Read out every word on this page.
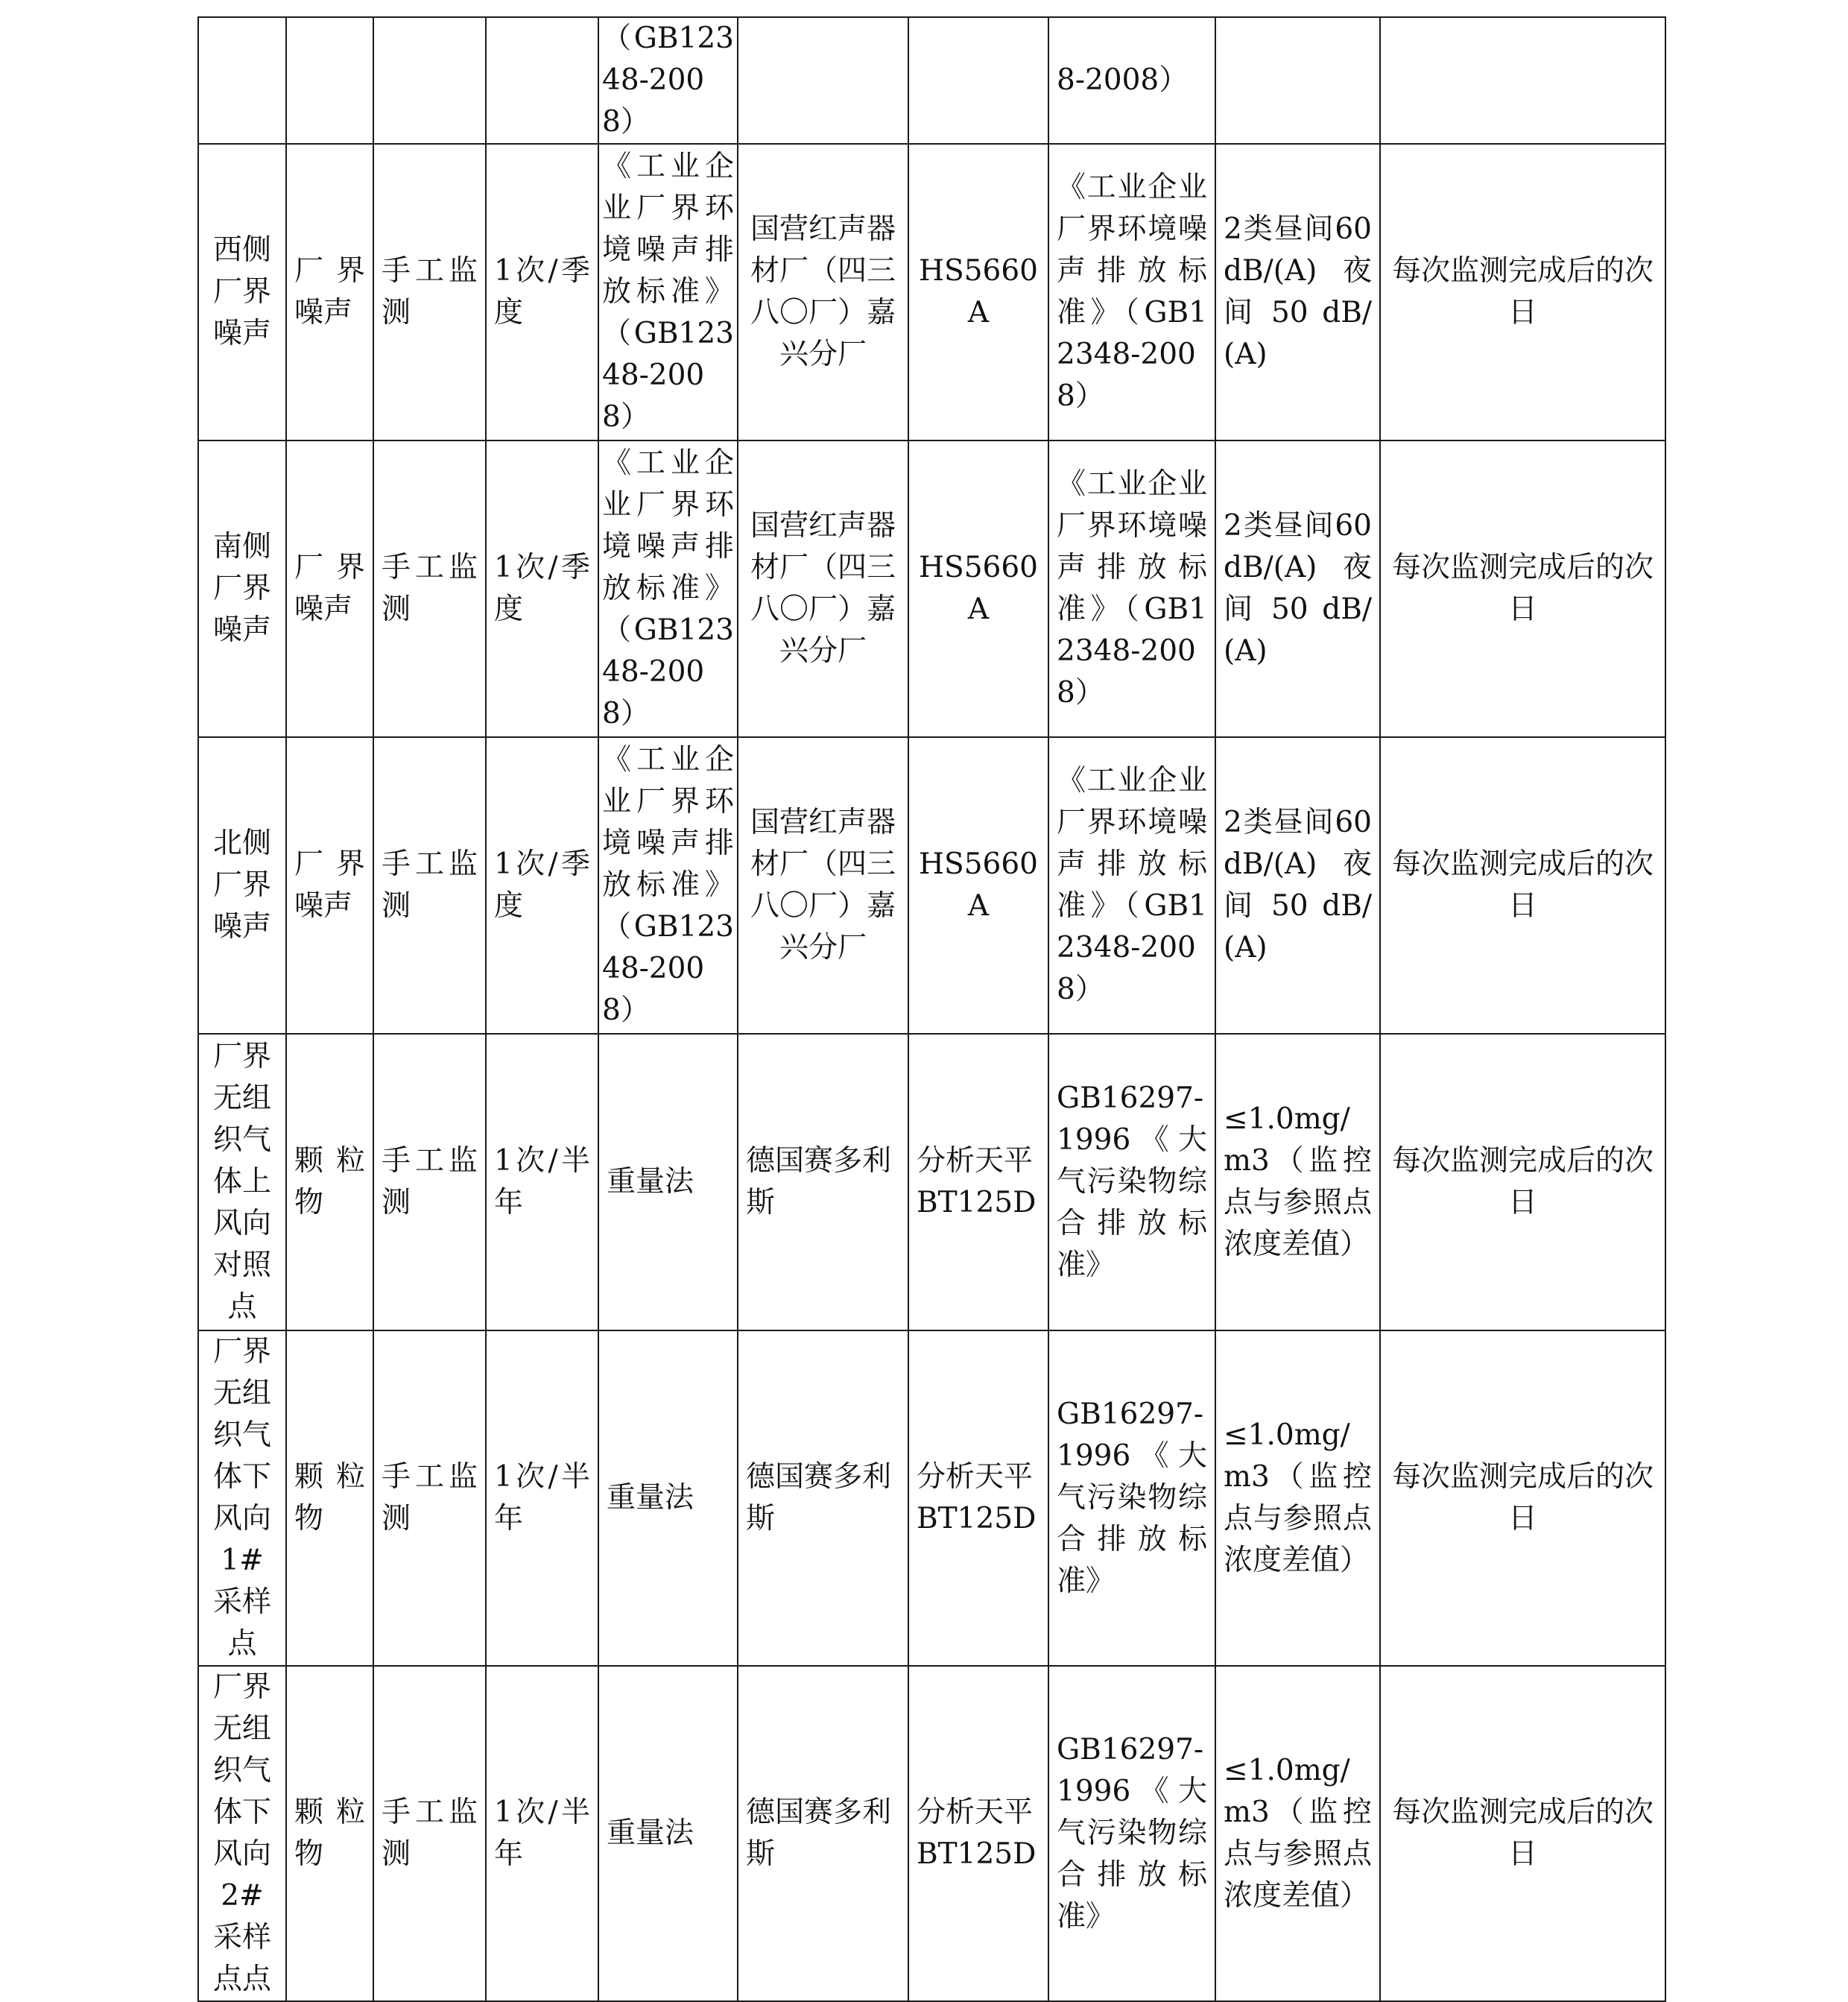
				（GB12348-2008）			8-2008）		

西侧厂界噪声	厂界噪声	手工监测	1次/季度	《工业企业厂界环境噪声排放标准》（GB12348-2008）	国营红声器材厂（四三八〇厂）嘉兴分厂	HS5660A	《工业企业厂界环境噪声排放标准》（GB12348-2008）	2类昼间60 dB/(A) 夜间 50 dB/(A)	每次监测完成后的次日

南侧厂界噪声	厂界噪声	手工监测	1次/季度	《工业企业厂界环境噪声排放标准》（GB12348-2008）	国营红声器材厂（四三八〇厂）嘉兴分厂	HS5660A	《工业企业厂界环境噪声排放标准》（GB12348-2008）	2类昼间60 dB/(A) 夜间 50 dB/(A)	每次监测完成后的次日

北侧厂界噪声	厂界噪声	手工监测	1次/季度	《工业企业厂界环境噪声排放标准》（GB12348-2008）	国营红声器材厂（四三八〇厂）嘉兴分厂	HS5660A	《工业企业厂界环境噪声排放标准》（GB12348-2008）	2类昼间60 dB/(A) 夜间 50 dB/(A)	每次监测完成后的次日

厂界无组织气体上风向对照点	颗粒物	手工监测	1次/半年	重量法	德国赛多利斯	分析天平BT125D	GB16297-1996《大气污染物综合排放标准》	≤1.0mg/m3（监控点与参照点浓度差值）	每次监测完成后的次日

厂界无组织气体下风向1#采样点	颗粒物	手工监测	1次/半年	重量法	德国赛多利斯	分析天平BT125D	GB16297-1996《大气污染物综合排放标准》	≤1.0mg/m3（监控点与参照点浓度差值）	每次监测完成后的次日

厂界无组织气体下风向2#采样点点	颗粒物	手工监测	1次/半年	重量法	德国赛多利斯	分析天平BT125D	GB16297-1996《大气污染物综合排放标准》	≤1.0mg/m3（监控点与参照点浓度差值）	每次监测完成后的次日
